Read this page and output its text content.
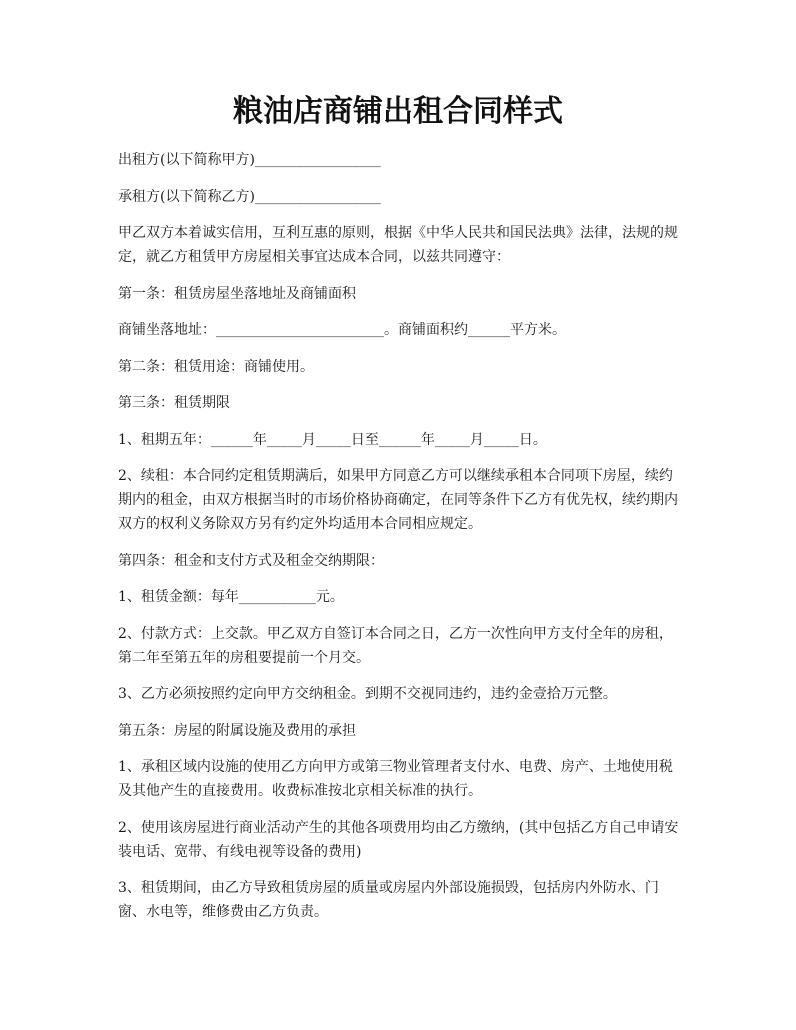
粮油店商铺出租合同样式

出租方(以下简称甲方)__________________

承租方(以下简称乙方)__________________

甲乙双方本着诚实信用，互利互惠的原则，根据《中华人民共和国民法典》法律，法规的规定，就乙方租赁甲方房屋相关事宜达成本合同，以兹共同遵守：

第一条：租赁房屋坐落地址及商铺面积

商铺坐落地址：________________________。商铺面积约______平方米。

第二条：租赁用途：商铺使用。

第三条：租赁期限

1、租期五年：______年_____月_____日至______年_____月_____日。

2、续租：本合同约定租赁期满后，如果甲方同意乙方可以继续承租本合同项下房屋，续约期内的租金，由双方根据当时的市场价格协商确定，在同等条件下乙方有优先权，续约期内双方的权利义务除双方另有约定外均适用本合同相应规定。

第四条：租金和支付方式及租金交纳期限：

1、租赁金额：每年___________元。

2、付款方式：上交款。甲乙双方自签订本合同之日，乙方一次性向甲方支付全年的房租，第二年至第五年的房租要提前一个月交。

3、乙方必须按照约定向甲方交纳租金。到期不交视同违约，违约金壹拾万元整。

第五条：房屋的附属设施及费用的承担

1、承租区域内设施的使用乙方向甲方或第三物业管理者支付水、电费、房产、土地使用税及其他产生的直接费用。收费标准按北京相关标准的执行。

2、使用该房屋进行商业活动产生的其他各项费用均由乙方缴纳，(其中包括乙方自己申请安装电话、宽带、有线电视等设备的费用)

3、租赁期间，由乙方导致租赁房屋的质量或房屋内外部设施损毁，包括房内外防水、门窗、水电等，维修费由乙方负责。
